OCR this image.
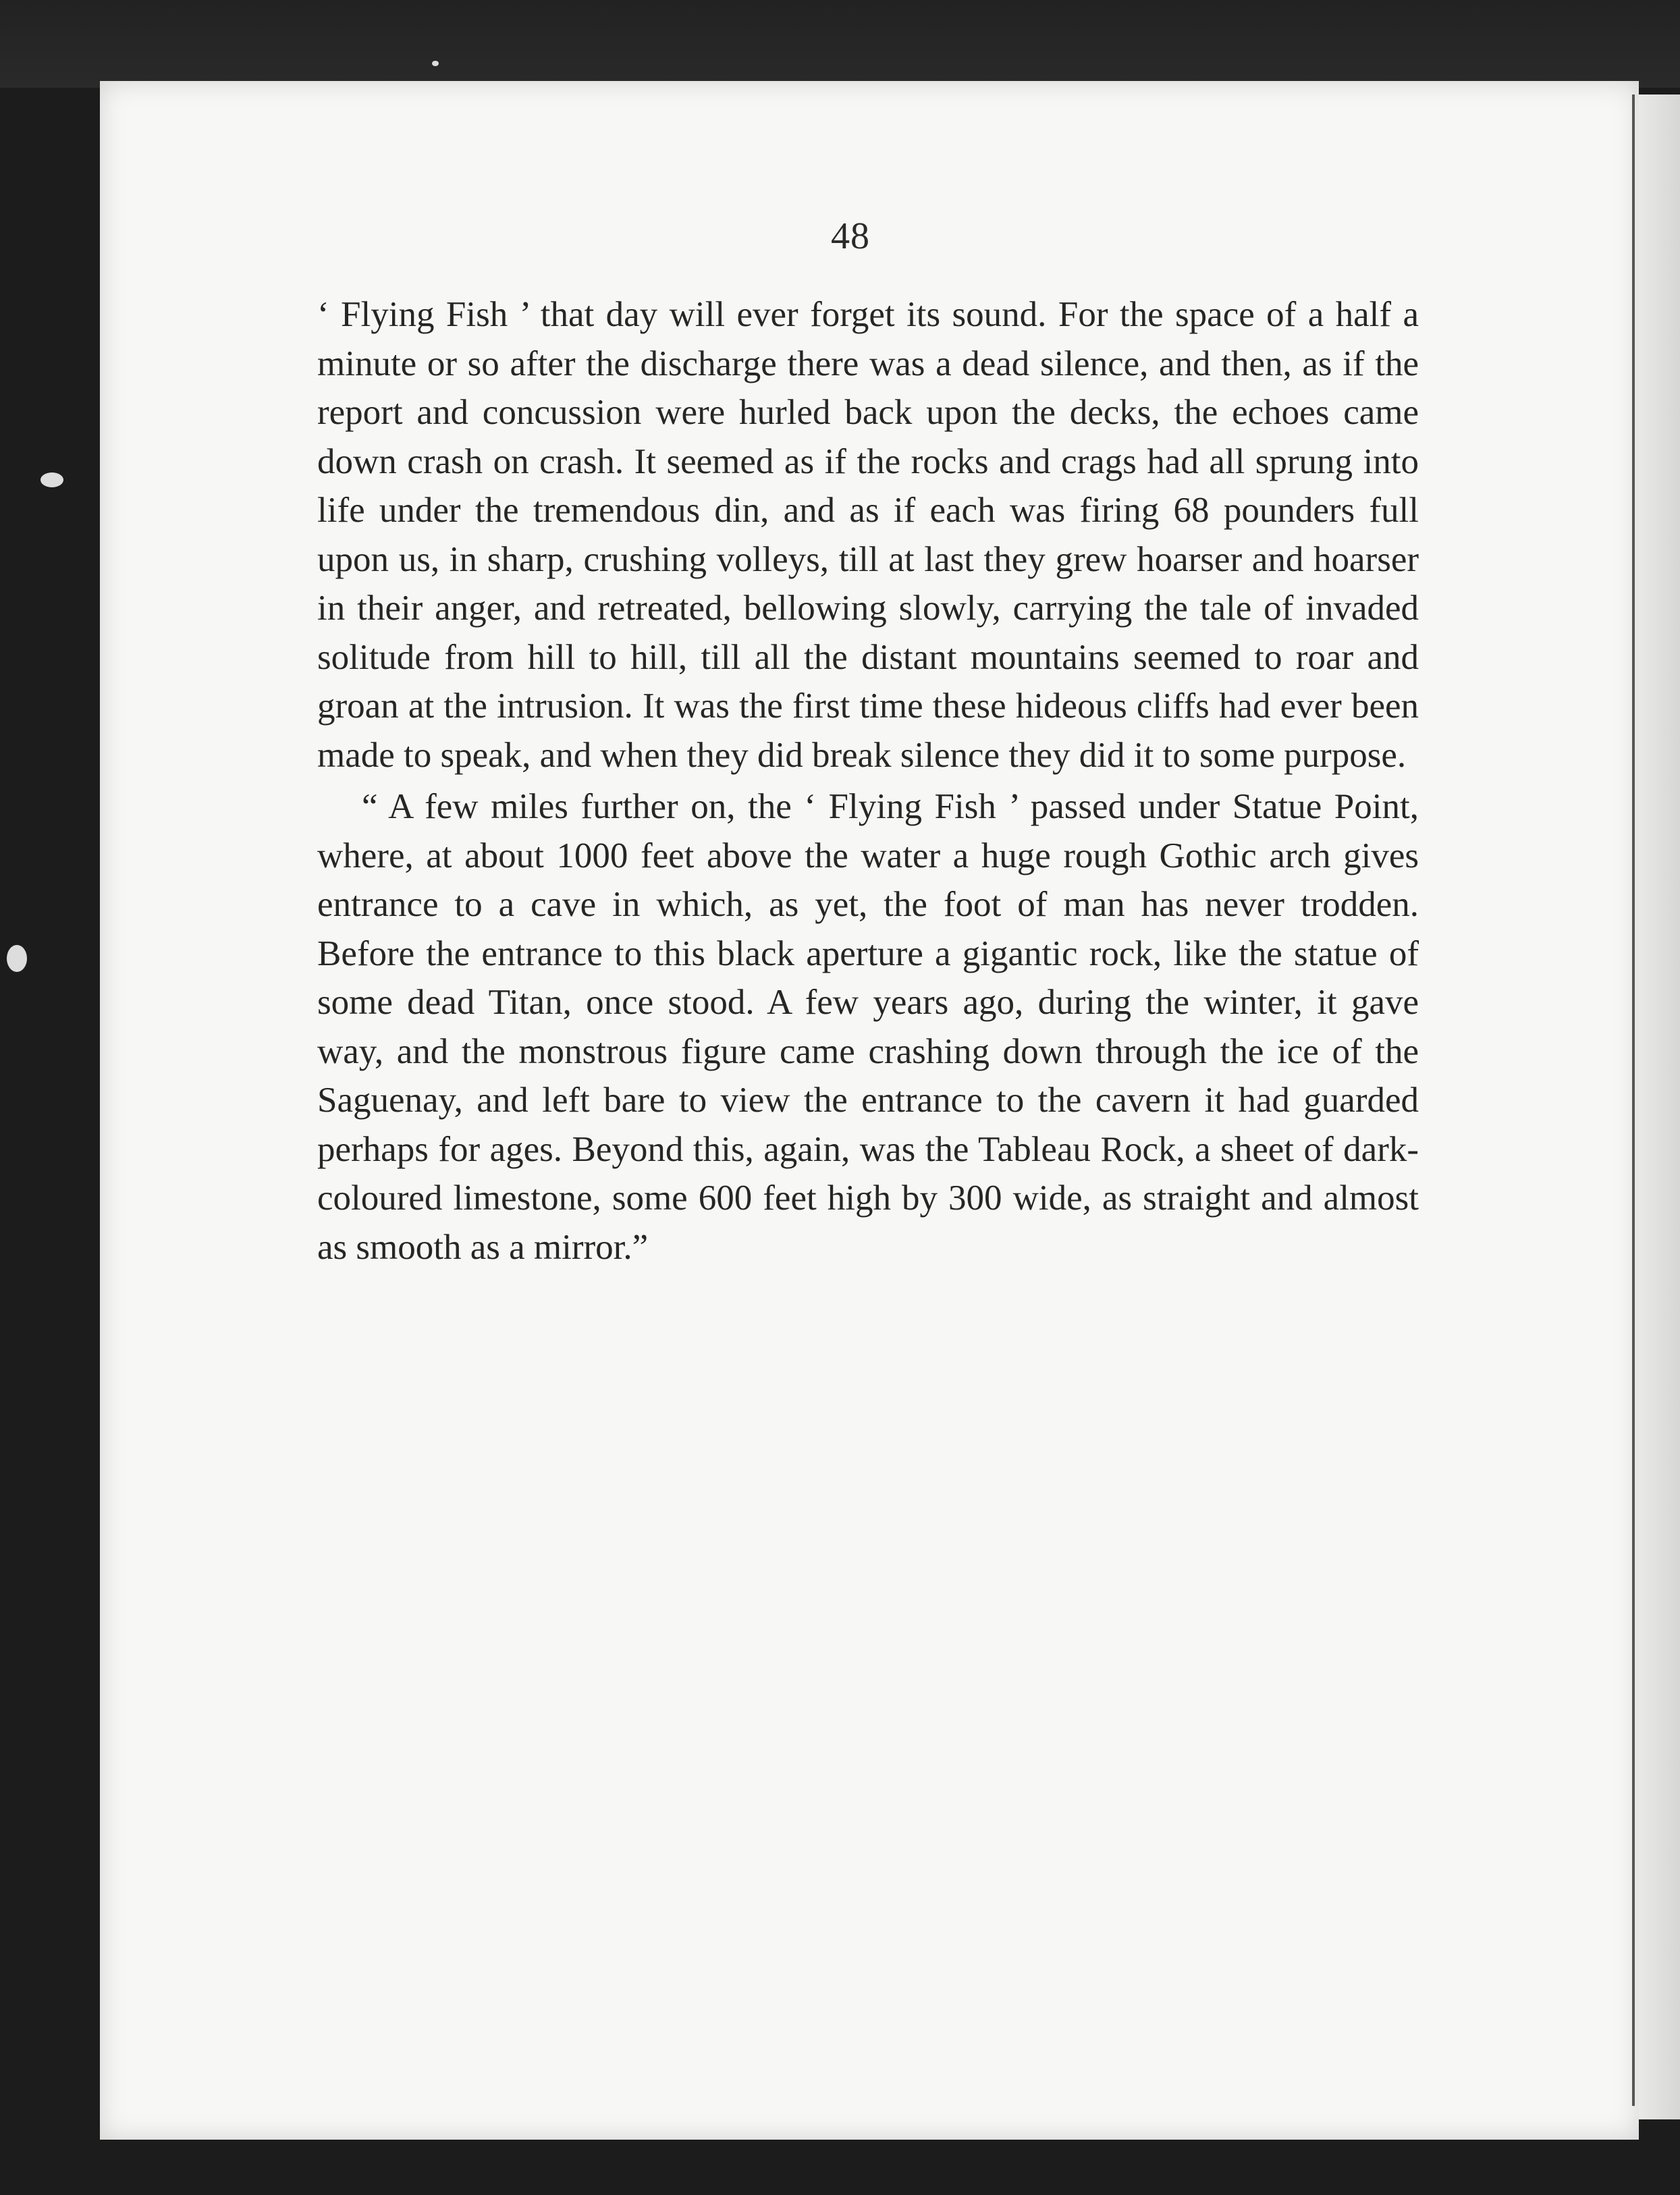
48

‘ Flying Fish ’ that day will ever forget its sound. For the space of a half a minute or so after the discharge there was a dead silence, and then, as if the report and concussion were hurled back upon the decks, the echoes came down crash on crash. It seemed as if the rocks and crags had all sprung into life under the tremendous din, and as if each was firing 68 pounders full upon us, in sharp, crushing volleys, till at last they grew hoarser and hoarser in their anger, and retreated, bellowing slowly, carrying the tale of invaded solitude from hill to hill, till all the distant mountains seemed to roar and groan at the intrusion. It was the first time these hideous cliffs had ever been made to speak, and when they did break silence they did it to some purpose.

“ A few miles further on, the ‘ Flying Fish ’ passed under Statue Point, where, at about 1000 feet above the water a huge rough Gothic arch gives entrance to a cave in which, as yet, the foot of man has never trodden. Before the entrance to this black aperture a gigantic rock, like the statue of some dead Titan, once stood. A few years ago, during the winter, it gave way, and the monstrous figure came crashing down through the ice of the Saguenay, and left bare to view the entrance to the cavern it had guarded perhaps for ages. Beyond this, again, was the Tableau Rock, a sheet of dark-coloured limestone, some 600 feet high by 300 wide, as straight and almost as smooth as a mirror.”
